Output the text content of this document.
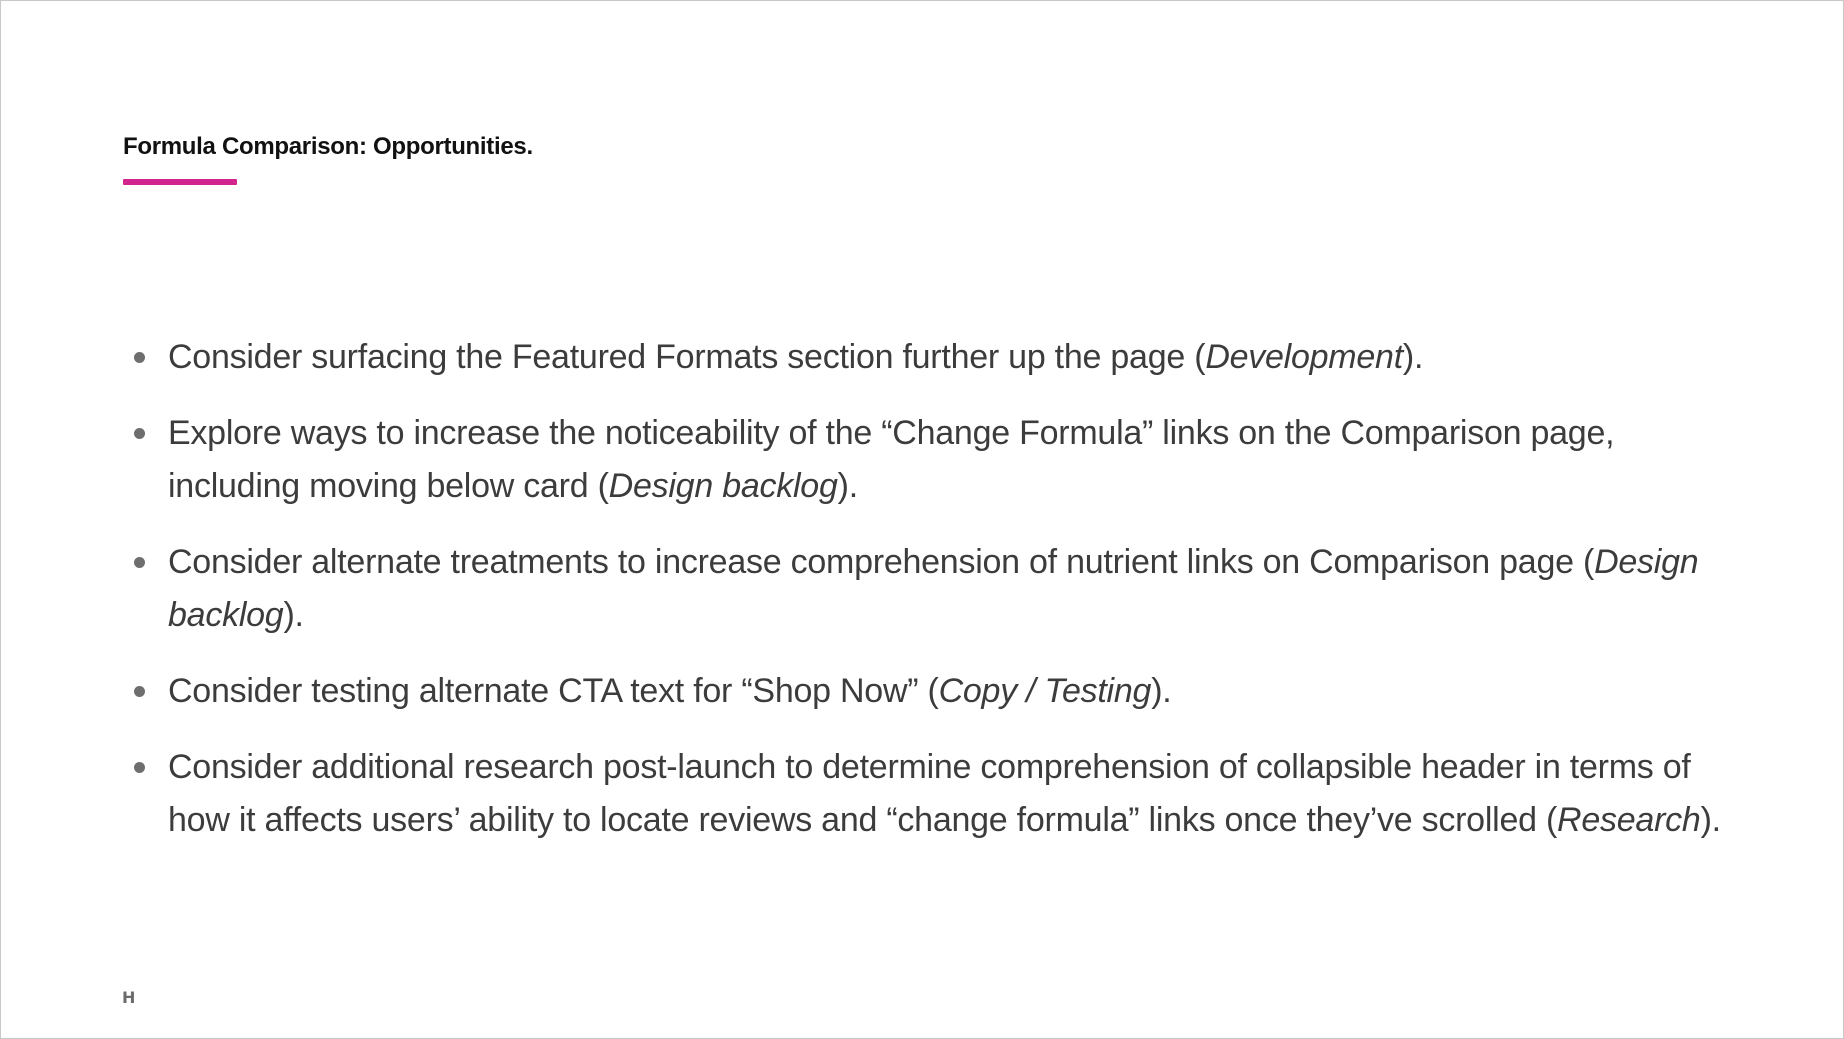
Formula Comparison: Opportunities.
Consider surfacing the Featured Formats section further up the page (Development).
Explore ways to increase the noticeability of the “Change Formula” links on the Comparison page, including moving below card (Design backlog).
Consider alternate treatments to increase comprehension of nutrient links on Comparison page (Design backlog).
Consider testing alternate CTA text for “Shop Now” (Copy / Testing).
Consider additional research post-launch to determine comprehension of collapsible header in terms of how it affects users’ ability to locate reviews and “change formula” links once they’ve scrolled (Research).
H
